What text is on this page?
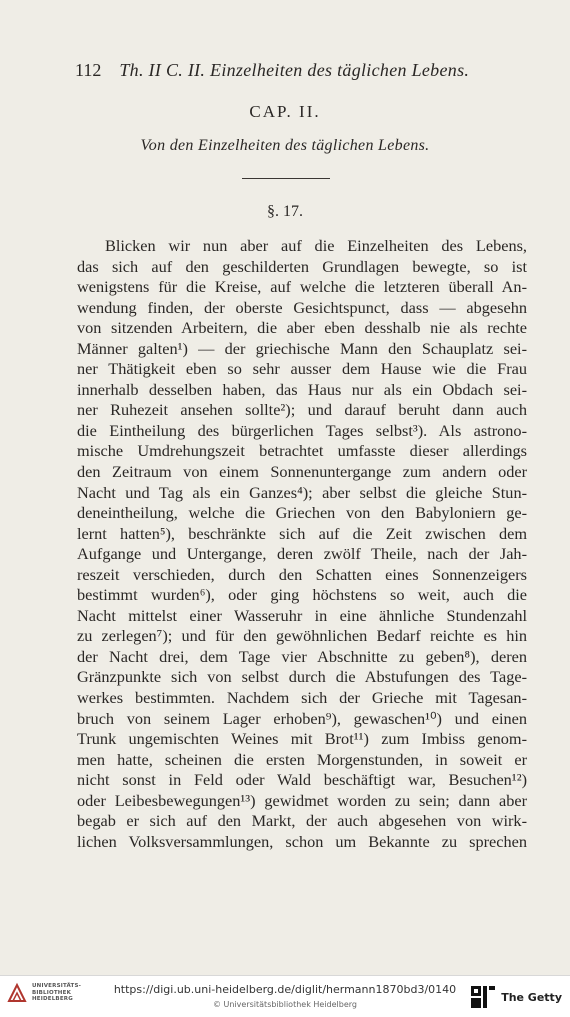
112 Th. II C. II. Einzelheiten des täglichen Lebens.
CAP. II.
Von den Einzelheiten des täglichen Lebens.
§. 17.
Blicken wir nun aber auf die Einzelheiten des Lebens,
das sich auf den geschilderten Grundlagen bewegte, so ist
wenigstens für die Kreise, auf welche die letzteren überall An-
wendung finden, der oberste Gesichtspunct, dass — abgesehn
von sitzenden Arbeitern, die aber eben desshalb nie als rechte
Männer galten¹) — der griechische Mann den Schauplatz sei-
ner Thätigkeit eben so sehr ausser dem Hause wie die Frau
innerhalb desselben haben, das Haus nur als ein Obdach sei-
ner Ruhezeit ansehen sollte²); und darauf beruht dann auch
die Eintheilung des bürgerlichen Tages selbst³). Als astrono-
mische Umdrehungszeit betrachtet umfasste dieser allerdings
den Zeitraum von einem Sonnenuntergange zum andern oder
Nacht und Tag als ein Ganzes⁴); aber selbst die gleiche Stun-
deneintheilung, welche die Griechen von den Babyloniern ge-
lernt hatten⁵), beschränkte sich auf die Zeit zwischen dem
Aufgange und Untergange, deren zwölf Theile, nach der Jah-
reszeit verschieden, durch den Schatten eines Sonnenzeigers
bestimmt wurden⁶), oder ging höchstens so weit, auch die
Nacht mittelst einer Wasseruhr in eine ähnliche Stundenzahl
zu zerlegen⁷); und für den gewöhnlichen Bedarf reichte es hin
der Nacht drei, dem Tage vier Abschnitte zu geben⁸), deren
Gränzpunkte sich von selbst durch die Abstufungen des Tage-
werkes bestimmten. Nachdem sich der Grieche mit Tagesan-
bruch von seinem Lager erhoben⁹), gewaschen¹⁰) und einen
Trunk ungemischten Weines mit Brot¹¹) zum Imbiss genom-
men hatte, scheinen die ersten Morgenstunden, in soweit er
nicht sonst in Feld oder Wald beschäftigt war, Besuchen¹²)
oder Leibesbewegungen¹³) gewidmet worden zu sein; dann aber
begab er sich auf den Markt, der auch abgesehen von wirk-
lichen Volksversammlungen, schon um Bekannte zu sprechen
UNIVERSITÄTS-
BIBLIOTHEK
HEIDELBERG
https://digi.ub.uni-heidelberg.de/diglit/hermann1870bd3/0140
© Universitätsbibliothek Heidelberg
The Getty
